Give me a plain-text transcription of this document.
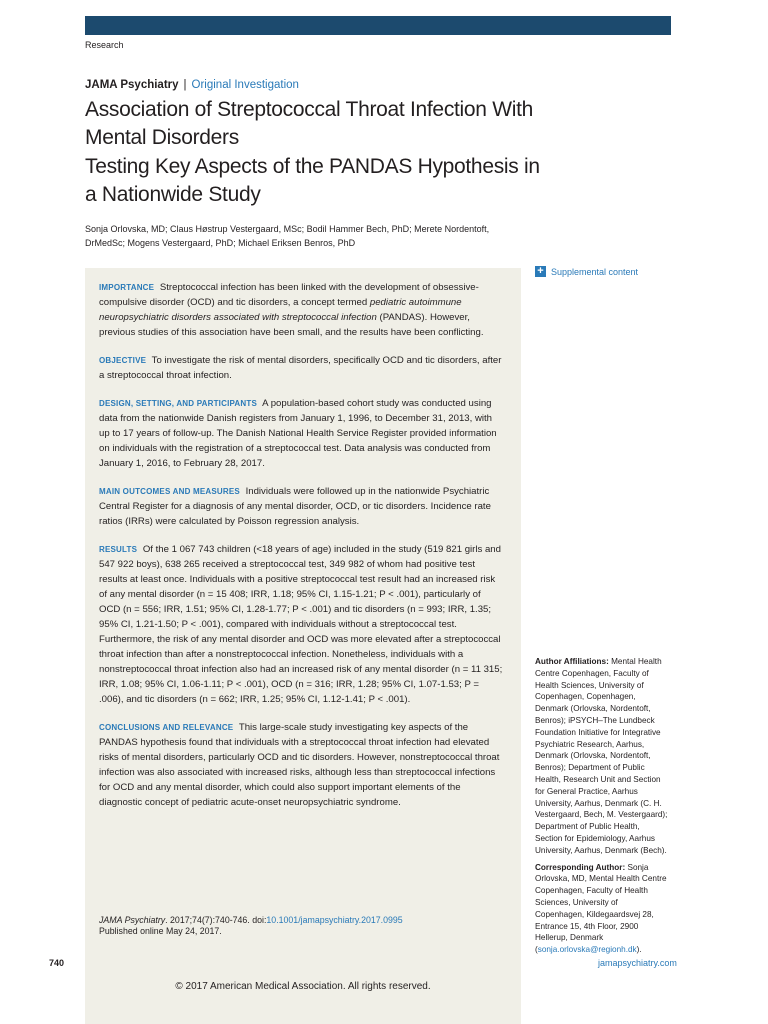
Research
JAMA Psychiatry | Original Investigation
Association of Streptococcal Throat Infection With Mental Disorders
Testing Key Aspects of the PANDAS Hypothesis in a Nationwide Study
Sonja Orlovska, MD; Claus Høstrup Vestergaard, MSc; Bodil Hammer Bech, PhD; Merete Nordentoft, DrMedSc; Mogens Vestergaard, PhD; Michael Eriksen Benros, PhD
+ Supplemental content

IMPORTANCE Streptococcal infection has been linked with the development of obsessive-compulsive disorder (OCD) and tic disorders, a concept termed pediatric autoimmune neuropsychiatric disorders associated with streptococcal infection (PANDAS). However, previous studies of this association have been small, and the results have been conflicting.

OBJECTIVE To investigate the risk of mental disorders, specifically OCD and tic disorders, after a streptococcal throat infection.

DESIGN, SETTING, AND PARTICIPANTS A population-based cohort study was conducted using data from the nationwide Danish registers from January 1, 1996, to December 31, 2013, with up to 17 years of follow-up. The Danish National Health Service Register provided information on individuals with the registration of a streptococcal test. Data analysis was conducted from January 1, 2016, to February 28, 2017.

MAIN OUTCOMES AND MEASURES Individuals were followed up in the nationwide Psychiatric Central Register for a diagnosis of any mental disorder, OCD, or tic disorders. Incidence rate ratios (IRRs) were calculated by Poisson regression analysis.

RESULTS Of the 1 067 743 children (<18 years of age) included in the study (519 821 girls and 547 922 boys), 638 265 received a streptococcal test, 349 982 of whom had positive test results at least once. Individuals with a positive streptococcal test result had an increased risk of any mental disorder (n = 15 408; IRR, 1.18; 95% CI, 1.15-1.21; P < .001), particularly of OCD (n = 556; IRR, 1.51; 95% CI, 1.28-1.77; P < .001) and tic disorders (n = 993; IRR, 1.35; 95% CI, 1.21-1.50; P < .001), compared with individuals without a streptococcal test. Furthermore, the risk of any mental disorder and OCD was more elevated after a streptococcal throat infection than after a nonstreptococcal infection. Nonetheless, individuals with a nonstreptococcal throat infection also had an increased risk of any mental disorder (n = 11 315; IRR, 1.08; 95% CI, 1.06-1.11; P < .001), OCD (n = 316; IRR, 1.28; 95% CI, 1.07-1.53; P = .006), and tic disorders (n = 662; IRR, 1.25; 95% CI, 1.12-1.41; P < .001).

CONCLUSIONS AND RELEVANCE This large-scale study investigating key aspects of the PANDAS hypothesis found that individuals with a streptococcal throat infection had elevated risks of mental disorders, particularly OCD and tic disorders. However, nonstreptococcal throat infection was also associated with increased risks, although less than streptococcal infections for OCD and any mental disorder, which could also support important elements of the diagnostic concept of pediatric acute-onset neuropsychiatric syndrome.

JAMA Psychiatry. 2017;74(7):740-746. doi:10.1001/jamapsychiatry.2017.0995
Published online May 24, 2017.
© 2017 American Medical Association. All rights reserved.

Author Affiliations: Mental Health Centre Copenhagen, Faculty of Health Sciences, University of Copenhagen, Copenhagen, Denmark (Orlovska, Nordentoft, Benros); iPSYCH–The Lundbeck Foundation Initiative for Integrative Psychiatric Research, Aarhus, Denmark (Orlovska, Nordentoft, Benros); Department of Public Health, Research Unit and Section for General Practice, Aarhus University, Aarhus, Denmark (C. H. Vestergaard, Bech, M. Vestergaard); Department of Public Health, Section for Epidemiology, Aarhus University, Aarhus, Denmark (Bech).

Corresponding Author: Sonja Orlovska, MD, Mental Health Centre Copenhagen, Faculty of Health Sciences, University of Copenhagen, Kildegaardsvej 28, Entrance 15, 4th Floor, 2900 Hellerup, Denmark (sonja.orlovska@regionh.dk).

740	jamapsychiatry.com
